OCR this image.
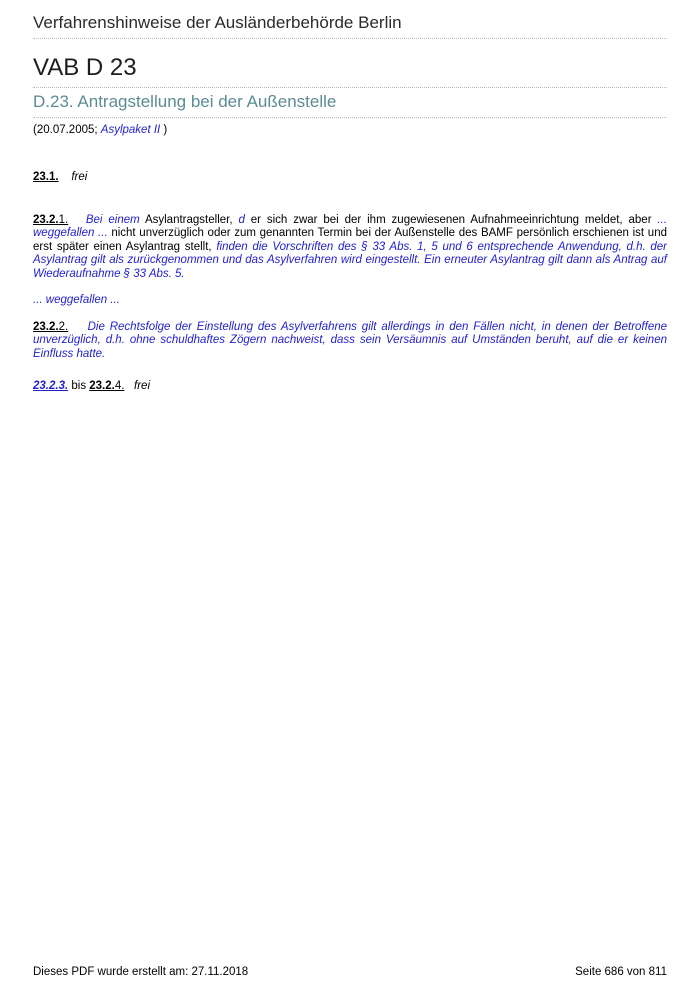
Verfahrenshinweise der Ausländerbehörde Berlin
VAB D 23
D.23. Antragstellung bei der Außenstelle
(20.07.2005; Asylpaket II )
23.1. frei
23.2.1. Bei einem Asylantragsteller, d er sich zwar bei der ihm zugewiesenen Aufnahmeeinrichtung meldet, aber ... weggefallen ... nicht unverzüglich oder zum genannten Termin bei der Außenstelle des BAMF persönlich erschienen ist und erst später einen Asylantrag stellt, finden die Vorschriften des § 33 Abs. 1, 5 und 6 entsprechende Anwendung, d.h. der Asylantrag gilt als zurückgenommen und das Asylverfahren wird eingestellt. Ein erneuter Asylantrag gilt dann als Antrag auf Wiederaufnahme § 33 Abs. 5.
... weggefallen ...
23.2.2. Die Rechtsfolge der Einstellung des Asylverfahrens gilt allerdings in den Fällen nicht, in denen der Betroffene unverzüglich, d.h. ohne schuldhaftes Zögern nachweist, dass sein Versäumnis auf Umständen beruht, auf die er keinen Einfluss hatte.
23.2.3. bis 23.2.4. frei
Dieses PDF wurde erstellt am: 27.11.2018	Seite 686 von 811
